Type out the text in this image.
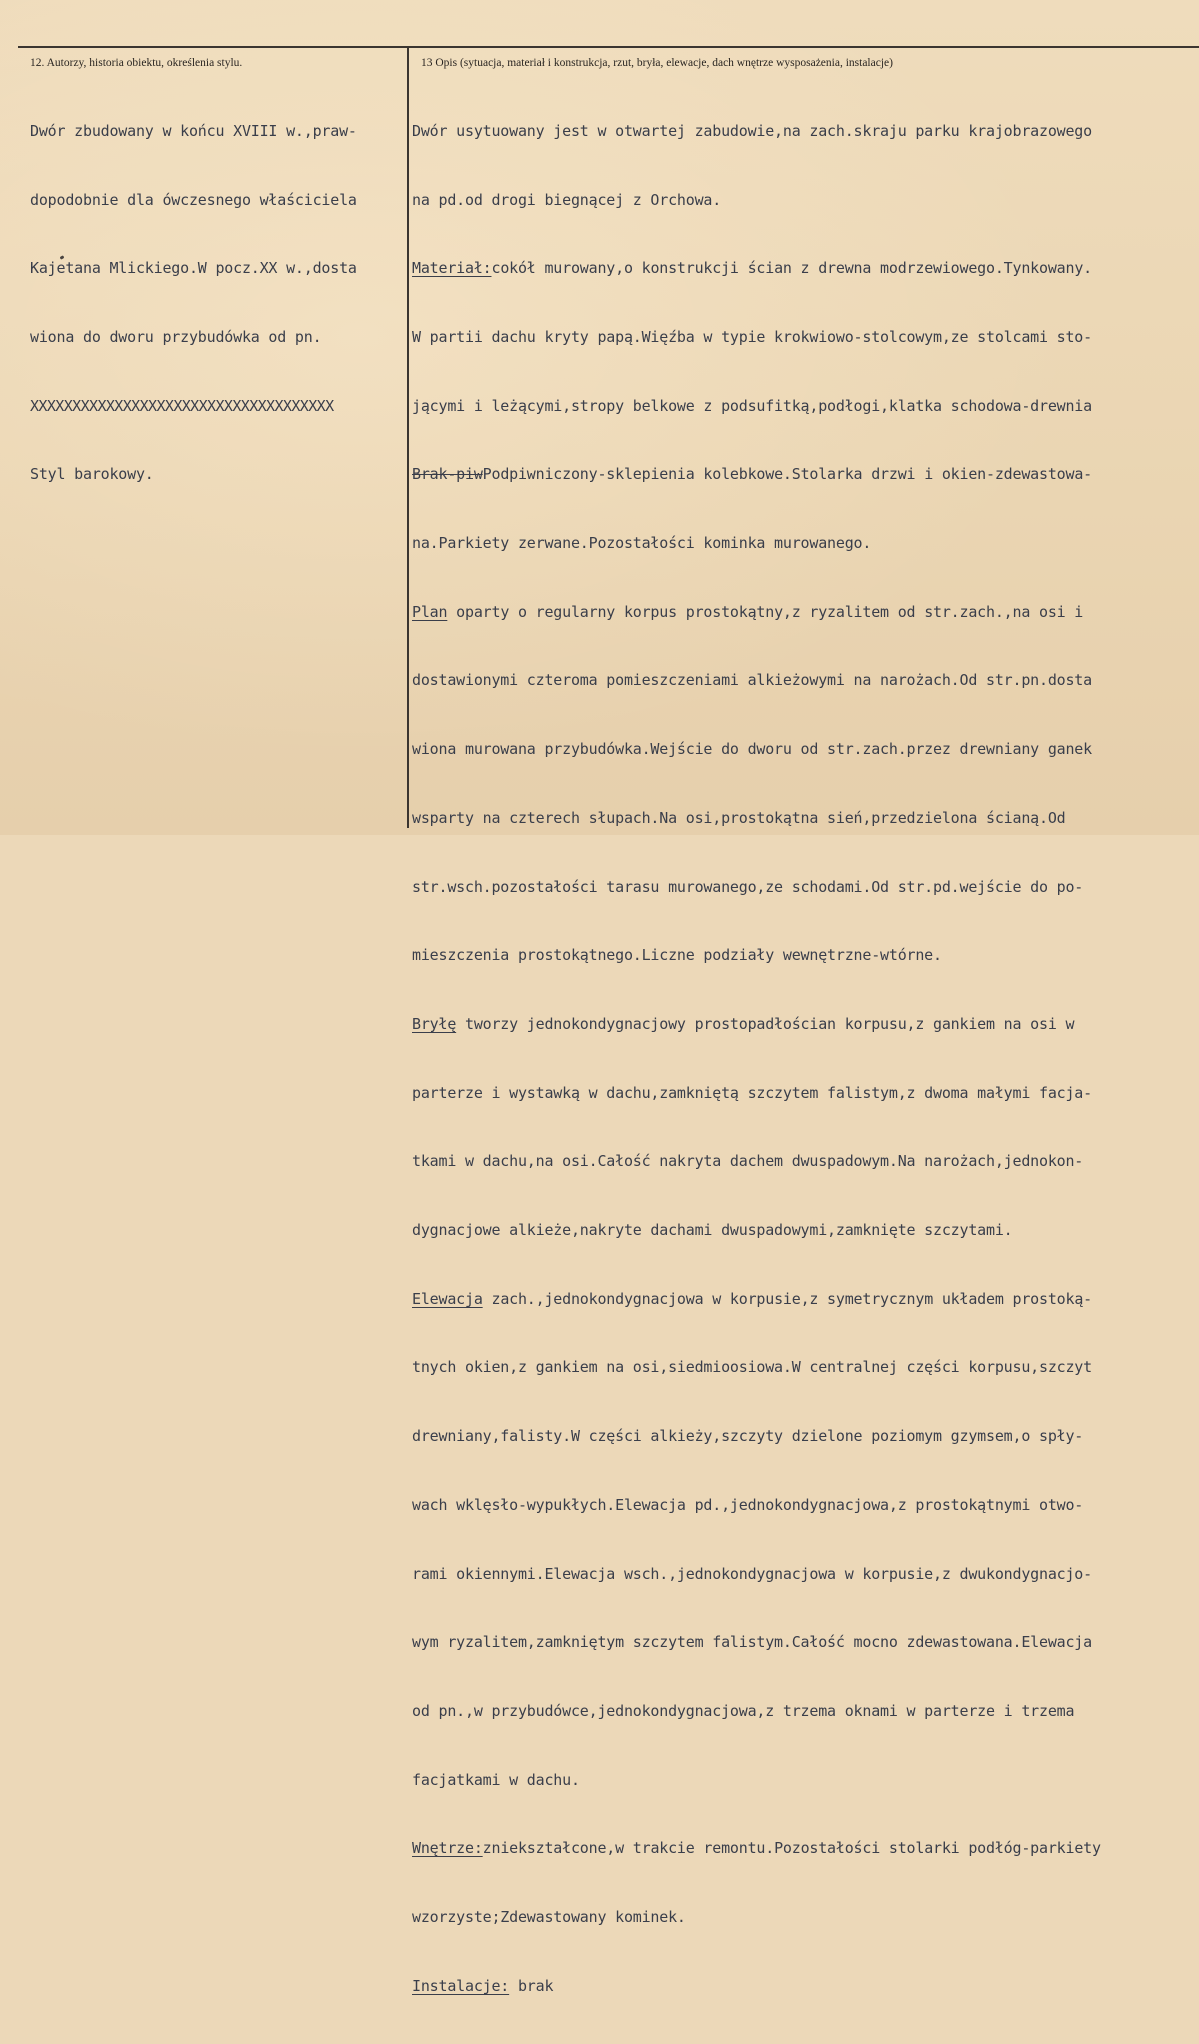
12. Autorzy, historia obiektu, określenia stylu.	13 Opis (sytuacja, materiał i konstrukcja, rzut, bryła, elewacje, dach wnętrze wysposażenia, instalacje)

Dwór zbudowany w końcu XVIII w.,praw-

dopodobnie dla ówczesnego właściciela

Kajetana Mlickiego.W pocz.XX w.,dosta

wiona do dworu przybudówka od pn.

XXXXXXXXXXXXXXXXXXXXXXXXXXXXXXXXXXXX

Styl barokowy.

Dwór usytuowany jest w otwartej zabudowie,na zach.skraju parku krajobrazowego

na pd.od drogi biegnącej z Orchowa.

Materiał:cokół murowany,o konstrukcji ścian z drewna modrzewiowego.Tynkowany.

W partii dachu kryty papą.Więźba w typie krokwiowo-stolcowym,ze stolcami sto-

jącymi i leżącymi,stropy belkowe z podsufitką,podłogi,klatka schodowa-drewnia

Brak-piwPodpiwniczony-sklepienia kolebkowe.Stolarka drzwi i okien-zdewastowa-

na.Parkiety zerwane.Pozostałości kominka murowanego.

Plan oparty o regularny korpus prostokątny,z ryzalitem od str.zach.,na osi i

dostawionymi czteroma pomieszczeniami alkieżowymi na narożach.Od str.pn.dosta

wiona murowana przybudówka.Wejście do dworu od str.zach.przez drewniany ganek

wsparty na czterech słupach.Na osi,prostokątna sień,przedzielona ścianą.Od

str.wsch.pozostałości tarasu murowanego,ze schodami.Od str.pd.wejście do po-

mieszczenia prostokątnego.Liczne podziały wewnętrzne-wtórne.

Bryłę tworzy jednokondygnacjowy prostopadłościan korpusu,z gankiem na osi w

parterze i wystawką w dachu,zamkniętą szczytem falistym,z dwoma małymi facja-

tkami w dachu,na osi.Całość nakryta dachem dwuspadowym.Na narożach,jednokon-

dygnacjowe alkieże,nakryte dachami dwuspadowymi,zamknięte szczytami.

Elewacja zach.,jednokondygnacjowa w korpusie,z symetrycznym układem prostoką-

tnych okien,z gankiem na osi,siedmioosiowa.W centralnej części korpusu,szczyt

drewniany,falisty.W części alkieży,szczyty dzielone poziomym gzymsem,o spły-

wach wklęsło-wypukłych.Elewacja pd.,jednokondygnacjowa,z prostokątnymi otwo-

rami okiennymi.Elewacja wsch.,jednokondygnacjowa w korpusie,z dwukondygnacjo-

wym ryzalitem,zamkniętym szczytem falistym.Całość mocno zdewastowana.Elewacja

od pn.,w przybudówce,jednokondygnacjowa,z trzema oknami w parterze i trzema

facjatkami w dachu.

Wnętrze:zniekształcone,w trakcie remontu.Pozostałości stolarki podłóg-parkiety

wzorzyste;Zdewastowany kominek.

Instalacje: brak
